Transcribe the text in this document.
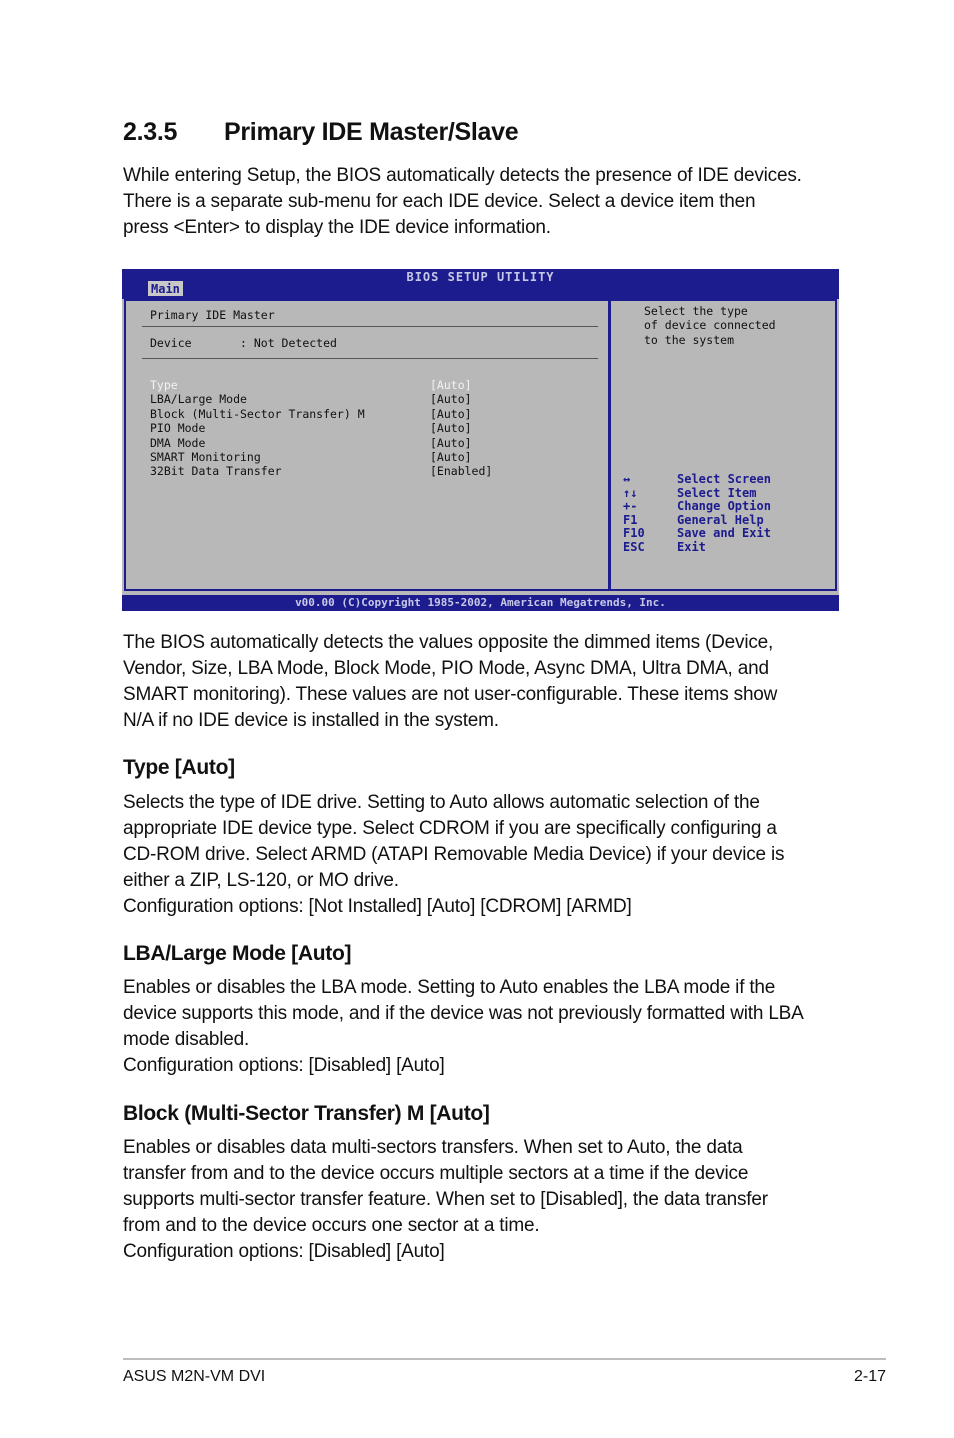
2.3.5 Primary IDE Master/Slave
While entering Setup, the BIOS automatically detects the presence of IDE devices.
There is a separate sub-menu for each IDE device. Select a device item then
press <Enter> to display the IDE device information.
BIOS SETUP UTILITY
Main
Primary IDE Master
Device       : Not Detected
Type	[Auto]
LBA/Large Mode	[Auto]
Block (Multi-Sector Transfer) M	[Auto]
PIO Mode	[Auto]
DMA Mode	[Auto]
SMART Monitoring	[Auto]
32Bit Data Transfer	[Enabled]
Select the type
of device connected
to the system
↔	Select Screen
↑↓	Select Item
+-	Change Option
F1	General Help
F10	Save and Exit
ESC	Exit
v00.00 (C)Copyright 1985-2002, American Megatrends, Inc.
The BIOS automatically detects the values opposite the dimmed items (Device,
Vendor, Size, LBA Mode, Block Mode, PIO Mode, Async DMA, Ultra DMA, and
SMART monitoring). These values are not user-configurable. These items show
N/A if no IDE device is installed in the system.
Type [Auto]
Selects the type of IDE drive. Setting to Auto allows automatic selection of the
appropriate IDE device type. Select CDROM if you are specifically configuring a
CD-ROM drive. Select ARMD (ATAPI Removable Media Device) if your device is
either a ZIP, LS-120, or MO drive.
Configuration options: [Not Installed] [Auto] [CDROM] [ARMD]
LBA/Large Mode [Auto]
Enables or disables the LBA mode. Setting to Auto enables the LBA mode if the
device supports this mode, and if the device was not previously formatted with LBA
mode disabled.
Configuration options: [Disabled] [Auto]
Block (Multi-Sector Transfer) M [Auto]
Enables or disables data multi-sectors transfers. When set to Auto, the data
transfer from and to the device occurs multiple sectors at a time if the device
supports multi-sector transfer feature. When set to [Disabled], the data transfer
from and to the device occurs one sector at a time.
Configuration options: [Disabled] [Auto]
ASUS M2N-VM DVI	2-17
